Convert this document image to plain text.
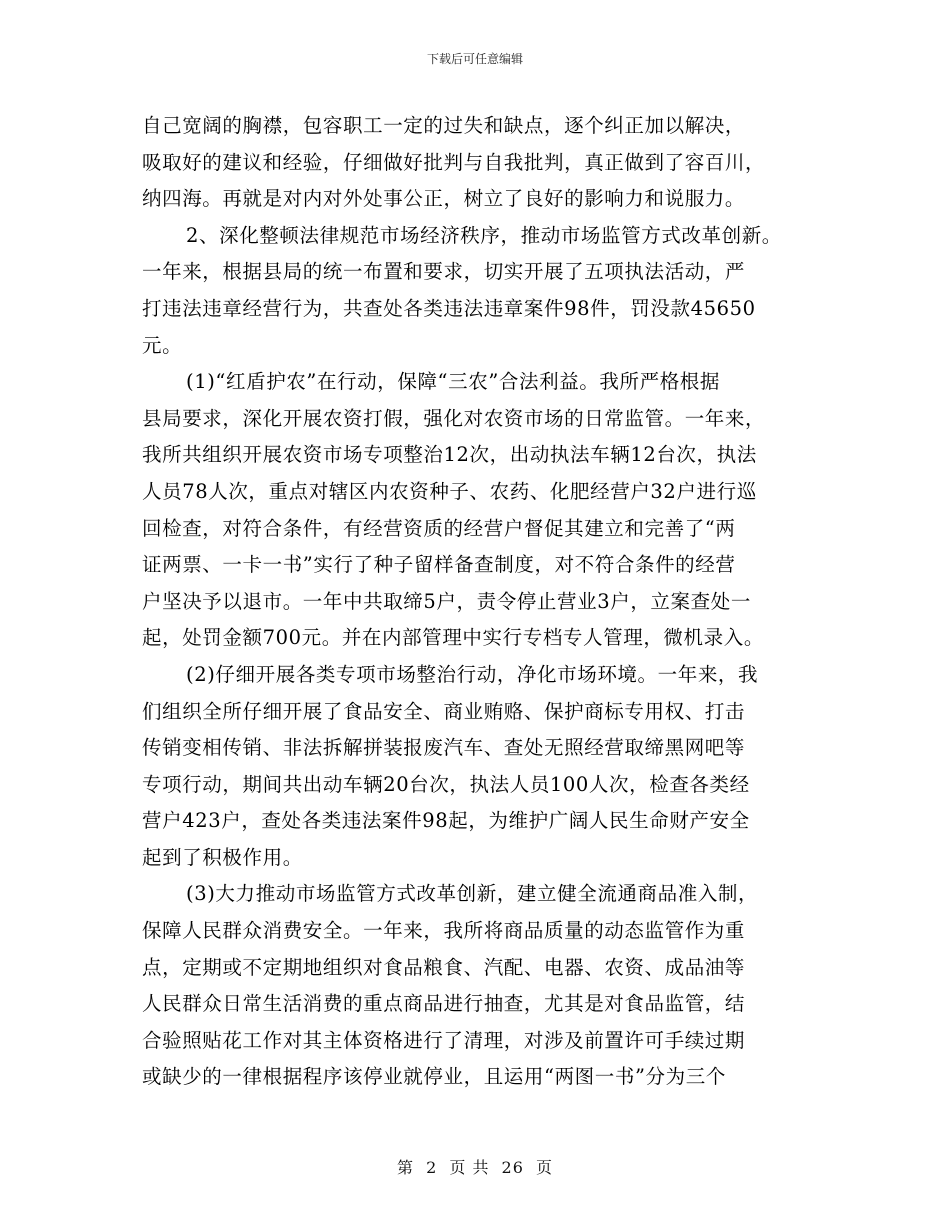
下载后可任意编辑
自己宽阔的胸襟，包容职工一定的过失和缺点，逐个纠正加以解决，
吸取好的建议和经验，仔细做好批判与自我批判，真正做到了容百川，
纳四海。再就是对内对外处事公正，树立了良好的影响力和说服力。
2、深化整顿法律规范市场经济秩序，推动市场监管方式改革创新。
一年来，根据县局的统一布置和要求，切实开展了五项执法活动，严
打违法违章经营行为，共查处各类违法违章案件98件，罚没款45650
元。
(1)“红盾护农”在行动，保障“三农”合法利益。我所严格根据
县局要求，深化开展农资打假，强化对农资市场的日常监管。一年来，
我所共组织开展农资市场专项整治12次，出动执法车辆12台次，执法
人员78人次，重点对辖区内农资种子、农药、化肥经营户32户进行巡
回检查，对符合条件，有经营资质的经营户督促其建立和完善了“两
证两票、一卡一书”实行了种子留样备查制度，对不符合条件的经营
户坚决予以退市。一年中共取缔5户，责令停止营业3户，立案查处一
起，处罚金额700元。并在内部管理中实行专档专人管理，微机录入。
(2)仔细开展各类专项市场整治行动，净化市场环境。一年来，我
们组织全所仔细开展了食品安全、商业贿赂、保护商标专用权、打击
传销变相传销、非法拆解拼装报废汽车、查处无照经营取缔黑网吧等
专项行动，期间共出动车辆20台次，执法人员100人次，检查各类经
营户423户，查处各类违法案件98起，为维护广阔人民生命财产安全
起到了积极作用。
(3)大力推动市场监管方式改革创新，建立健全流通商品准入制，
保障人民群众消费安全。一年来，我所将商品质量的动态监管作为重
点，定期或不定期地组织对食品粮食、汽配、电器、农资、成品油等
人民群众日常生活消费的重点商品进行抽查，尤其是对食品监管，结
合验照贴花工作对其主体资格进行了清理，对涉及前置许可手续过期
或缺少的一律根据程序该停业就停业，且运用“两图一书”分为三个
第 2 页 共 26 页
